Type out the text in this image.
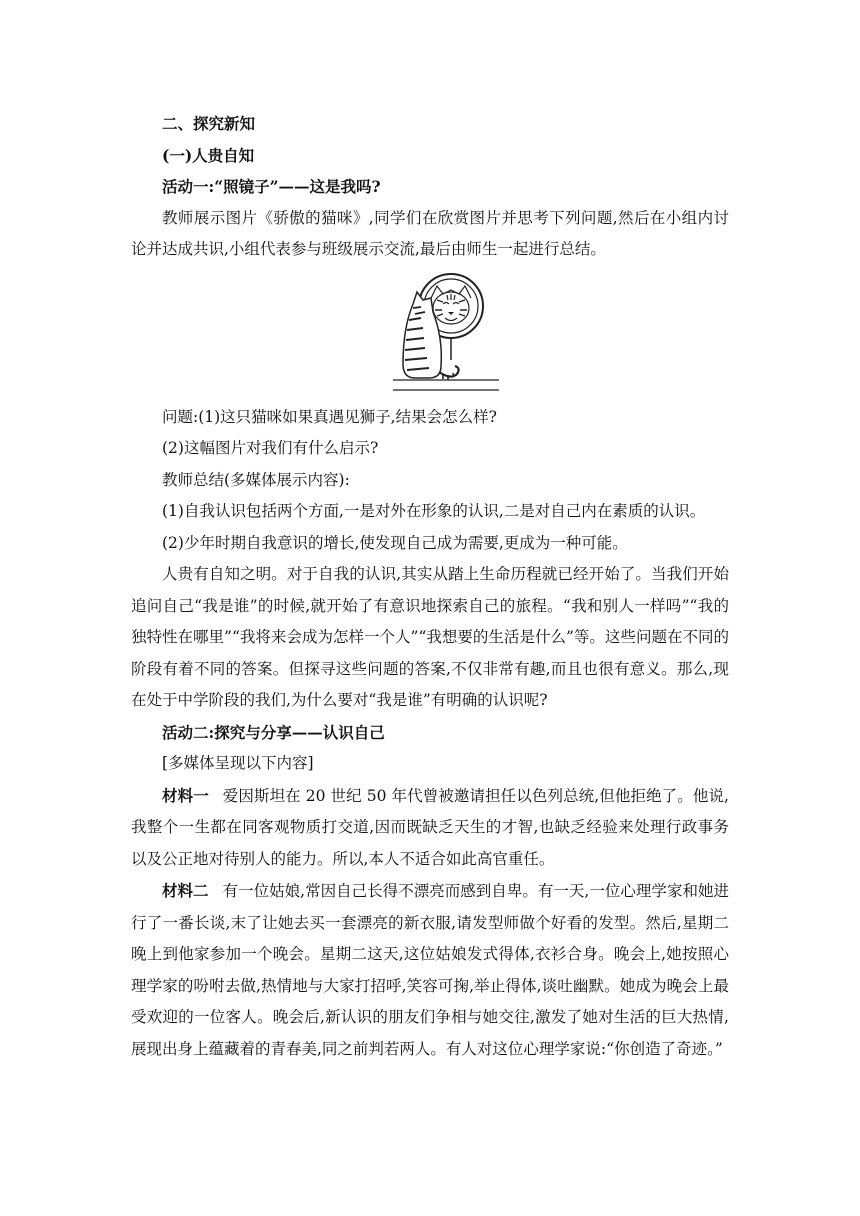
二、探究新知

(一)人贵自知

活动一:“照镜子”——这是我吗?

教师展示图片《骄傲的猫咪》,同学们在欣赏图片并思考下列问题,然后在小组内讨论并达成共识,小组代表参与班级展示交流,最后由师生一起进行总结。

问题:(1)这只猫咪如果真遇见狮子,结果会怎么样?

(2)这幅图片对我们有什么启示?

教师总结(多媒体展示内容):

(1)自我认识包括两个方面,一是对外在形象的认识,二是对自己内在素质的认识。

(2)少年时期自我意识的增长,使发现自己成为需要,更成为一种可能。

人贵有自知之明。对于自我的认识,其实从踏上生命历程就已经开始了。当我们开始追问自己“我是谁”的时候,就开始了有意识地探索自己的旅程。“我和别人一样吗”“我的独特性在哪里”“我将来会成为怎样一个人”“我想要的生活是什么”等。这些问题在不同的阶段有着不同的答案。但探寻这些问题的答案,不仅非常有趣,而且也很有意义。那么,现在处于中学阶段的我们,为什么要对“我是谁”有明确的认识呢?

活动二:探究与分享——认识自己

[多媒体呈现以下内容]

材料一 爱因斯坦在 20 世纪 50 年代曾被邀请担任以色列总统,但他拒绝了。他说,我整个一生都在同客观物质打交道,因而既缺乏天生的才智,也缺乏经验来处理行政事务以及公正地对待别人的能力。所以,本人不适合如此高官重任。

材料二 有一位姑娘,常因自己长得不漂亮而感到自卑。有一天,一位心理学家和她进行了一番长谈,末了让她去买一套漂亮的新衣服,请发型师做个好看的发型。然后,星期二晚上到他家参加一个晚会。星期二这天,这位姑娘发式得体,衣衫合身。晚会上,她按照心理学家的吩咐去做,热情地与大家打招呼,笑容可掬,举止得体,谈吐幽默。她成为晚会上最受欢迎的一位客人。晚会后,新认识的朋友们争相与她交往,激发了她对生活的巨大热情,展现出身上蕴藏着的青春美,同之前判若两人。有人对这位心理学家说:“你创造了奇迹。”
